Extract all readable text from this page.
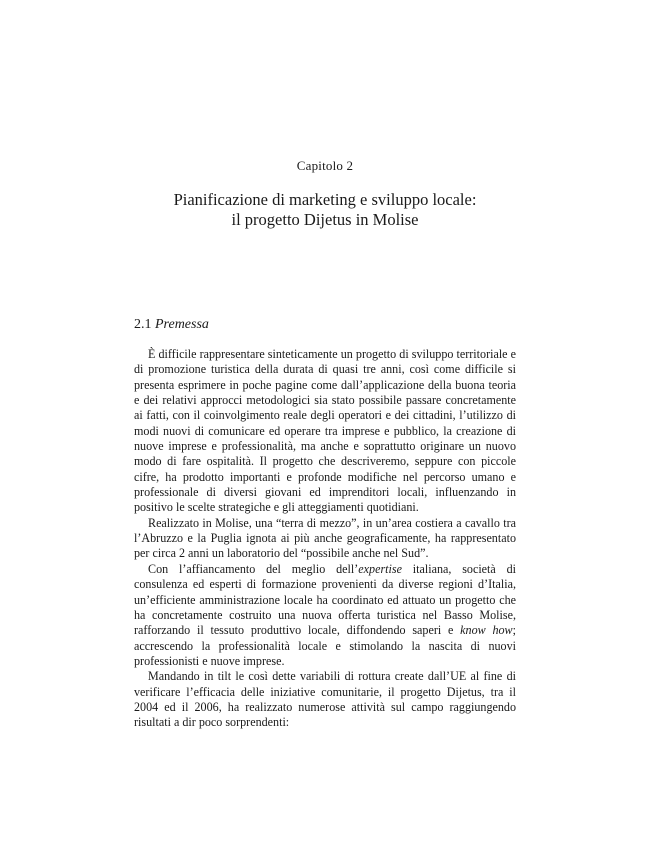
Capitolo 2
Pianificazione di marketing e sviluppo locale:
il progetto Dijetus in Molise
2.1 Premessa

È difficile rappresentare sinteticamente un progetto di sviluppo territoriale e di promozione turistica della durata di quasi tre anni, così come difficile si presenta esprimere in poche pagine come dall’applicazione della buona teoria e dei relativi approcci metodologici sia stato possibile passare concretamente ai fatti, con il coinvolgimento reale degli operatori e dei cittadini, l’utilizzo di modi nuovi di comunicare ed operare tra imprese e pubblico, la creazione di nuove imprese e professionalità, ma anche e soprattutto originare un nuovo modo di fare ospitalità. Il progetto che descriveremo, seppure con piccole cifre, ha prodotto importanti e profonde modifiche nel percorso umano e professionale di diversi giovani ed imprenditori locali, influenzando in positivo le scelte strategiche e gli atteggiamenti quotidiani.

Realizzato in Molise, una “terra di mezzo”, in un’area costiera a cavallo tra l’Abruzzo e la Puglia ignota ai più anche geograficamente, ha rappresentato per circa 2 anni un laboratorio del “possibile anche nel Sud”.

Con l’affiancamento del meglio dell’expertise italiana, società di consulenza ed esperti di formazione provenienti da diverse regioni d’Italia, un’efficiente amministrazione locale ha coordinato ed attuato un progetto che ha concretamente costruito una nuova offerta turistica nel Basso Molise, rafforzando il tessuto produttivo locale, diffondendo saperi e know how; accrescendo la professionalità locale e stimolando la nascita di nuovi professionisti e nuove imprese.

Mandando in tilt le così dette variabili di rottura create dall’UE al fine di verificare l’efficacia delle iniziative comunitarie, il progetto Dijetus, tra il 2004 ed il 2006, ha realizzato numerose attività sul campo raggiungendo risultati a dir poco sorprendenti:
